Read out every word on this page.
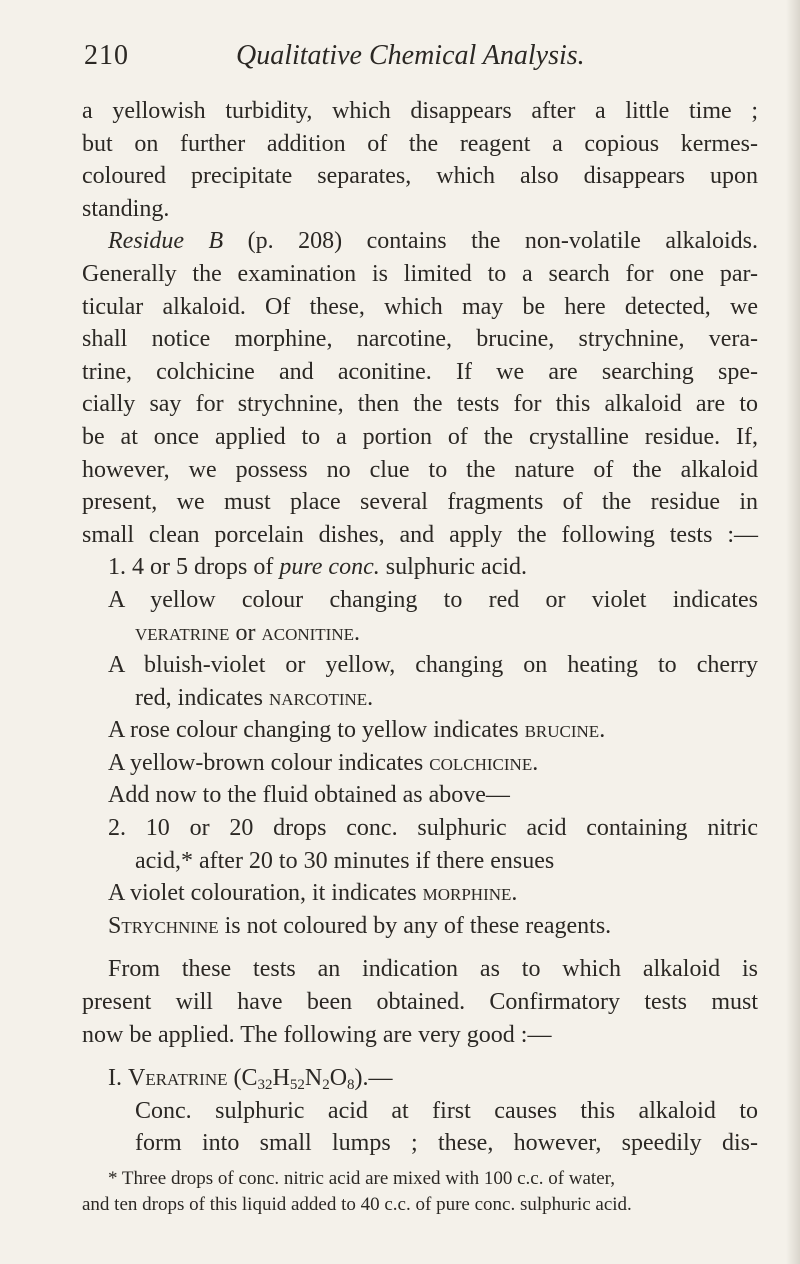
210	Qualitative Chemical Analysis.
a yellowish turbidity, which disappears after a little time ;
but on further addition of the reagent a copious kermes-
coloured precipitate separates, which also disappears upon
standing.
Residue B (p. 208) contains the non-volatile alkaloids.
Generally the examination is limited to a search for one par-
ticular alkaloid. Of these, which may be here detected, we
shall notice morphine, narcotine, brucine, strychnine, vera-
trine, colchicine and aconitine. If we are searching spe-
cially say for strychnine, then the tests for this alkaloid are to
be at once applied to a portion of the crystalline residue. If,
however, we possess no clue to the nature of the alkaloid
present, we must place several fragments of the residue in
small clean porcelain dishes, and apply the following tests :—
1. 4 or 5 drops of pure conc. sulphuric acid.
A yellow colour changing to red or violet indicates
veratrine or aconitine.
A bluish-violet or yellow, changing on heating to cherry
red, indicates narcotine.
A rose colour changing to yellow indicates brucine.
A yellow-brown colour indicates colchicine.
Add now to the fluid obtained as above—
2. 10 or 20 drops conc. sulphuric acid containing nitric
acid,* after 20 to 30 minutes if there ensues
A violet colouration, it indicates morphine.
Strychnine is not coloured by any of these reagents.
From these tests an indication as to which alkaloid is
present will have been obtained. Confirmatory tests must
now be applied. The following are very good :—
I. Veratrine $(C_{32}H_{52}N_2O_8).—$
Conc. sulphuric acid at first causes this alkaloid to
form into small lumps ; these, however, speedily dis-
* Three drops of conc. nitric acid are mixed with 100 c.c. of water,
and ten drops of this liquid added to 40 c.c. of pure conc. sulphuric acid.
